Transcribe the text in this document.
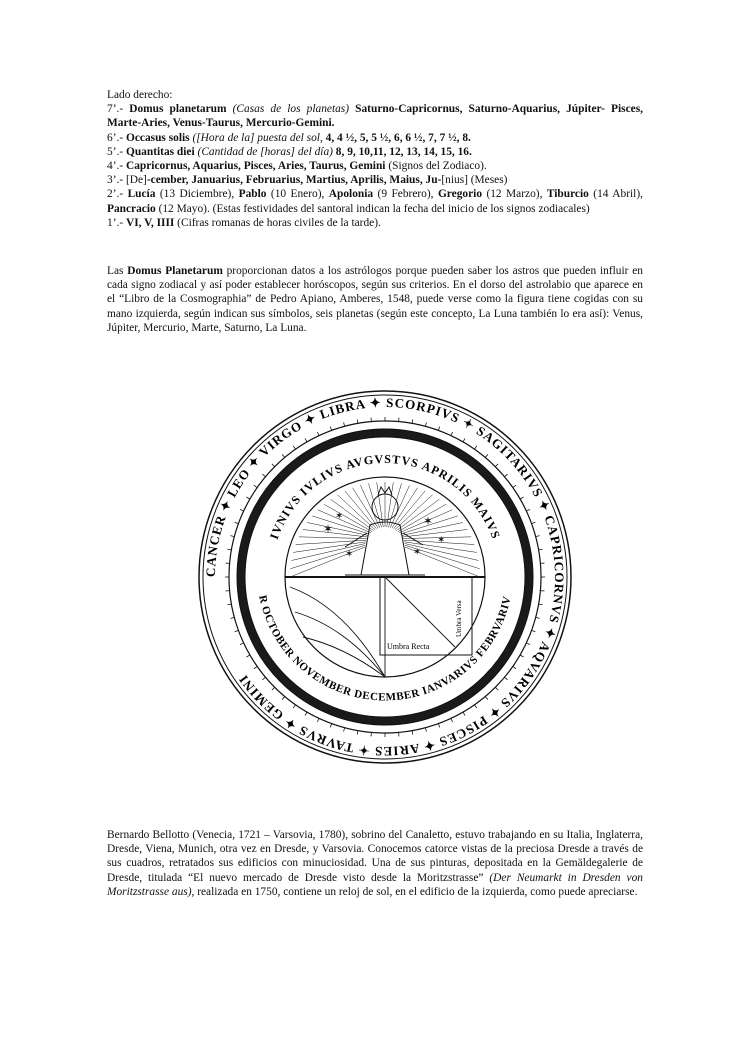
Lado derecho:

7’.- Domus planetarum (Casas de los planetas) Saturno-Capricornus, Saturno-Aquarius, Júpiter- Pisces, Marte-Aries, Venus-Taurus, Mercurio-Gemini.

6’.- Occasus solis ([Hora de la] puesta del sol, 4, 4 ½, 5, 5 ½, 6, 6 ½, 7, 7 ½, 8.

5’.- Quantitas diei (Cantidad de [horas] del día) 8, 9, 10,11, 12, 13, 14, 15, 16.

4’.- Capricornus, Aquarius, Pisces, Aries, Taurus, Gemini (Signos del Zodiaco).

3’.- [De]-cember, Januarius, Februarius, Martius, Aprilis, Maius, Ju-[nius] (Meses)

2’.- Lucía (13 Diciembre), Pablo (10 Enero), Apolonia (9 Febrero), Gregorio (12 Marzo), Tiburcio (14 Abril), Pancracio (12 Mayo). (Estas festividades del santoral indican la fecha del inicio de los signos zodiacales)

1’.- VI, V, IIII (Cifras romanas de horas civiles de la tarde).

Las Domus Planetarum proporcionan datos a los astrólogos porque pueden saber los astros que pueden influir en cada signo zodiacal y así poder establecer horóscopos, según sus criterios. En el dorso del astrolabio que aparece en el “Libro de la Cosmographia” de Pedro Apiano, Amberes, 1548, puede verse como la figura tiene cogidas con su mano izquierda, según indican sus símbolos, seis planetas (según este concepto, La Luna también lo era así): Venus, Júpiter, Mercurio, Marte, Saturno, La Luna.

CANCER ✦ LEO ✦ VIRGO ✦ LIBRA ✦ SCORPIVS ✦ SAGITARIVS ✦ CAPRICORNVS ✦ AQVARIVS ✦ PISCES ✦ ARIES ✦ TAVRVS ✦ GEMINI
IVNIVS IVLIVS AVGVSTVS APRILIS MAIVS
R OCTOBER NOVEMBER DECEMBER IANVARIVS FEBRVARIV
✶
✶	✶
✶
✶
✶
Umbra Recta
Umbra Versa

Bernardo Bellotto (Venecia, 1721 – Varsovia, 1780), sobrino del Canaletto, estuvo trabajando en su Italia, Inglaterra, Dresde, Viena, Munich, otra vez en Dresde, y Varsovia. Conocemos catorce vistas de la preciosa Dresde a través de sus cuadros, retratados sus edificios con minuciosidad. Una de sus pinturas, depositada en la Gemäldegalerie de Dresde, titulada “El nuevo mercado de Dresde visto desde la Moritzstrasse” (Der Neumarkt in Dresden von Moritzstrasse aus), realizada en 1750, contiene un reloj de sol, en el edificio de la izquierda, como puede apreciarse.
